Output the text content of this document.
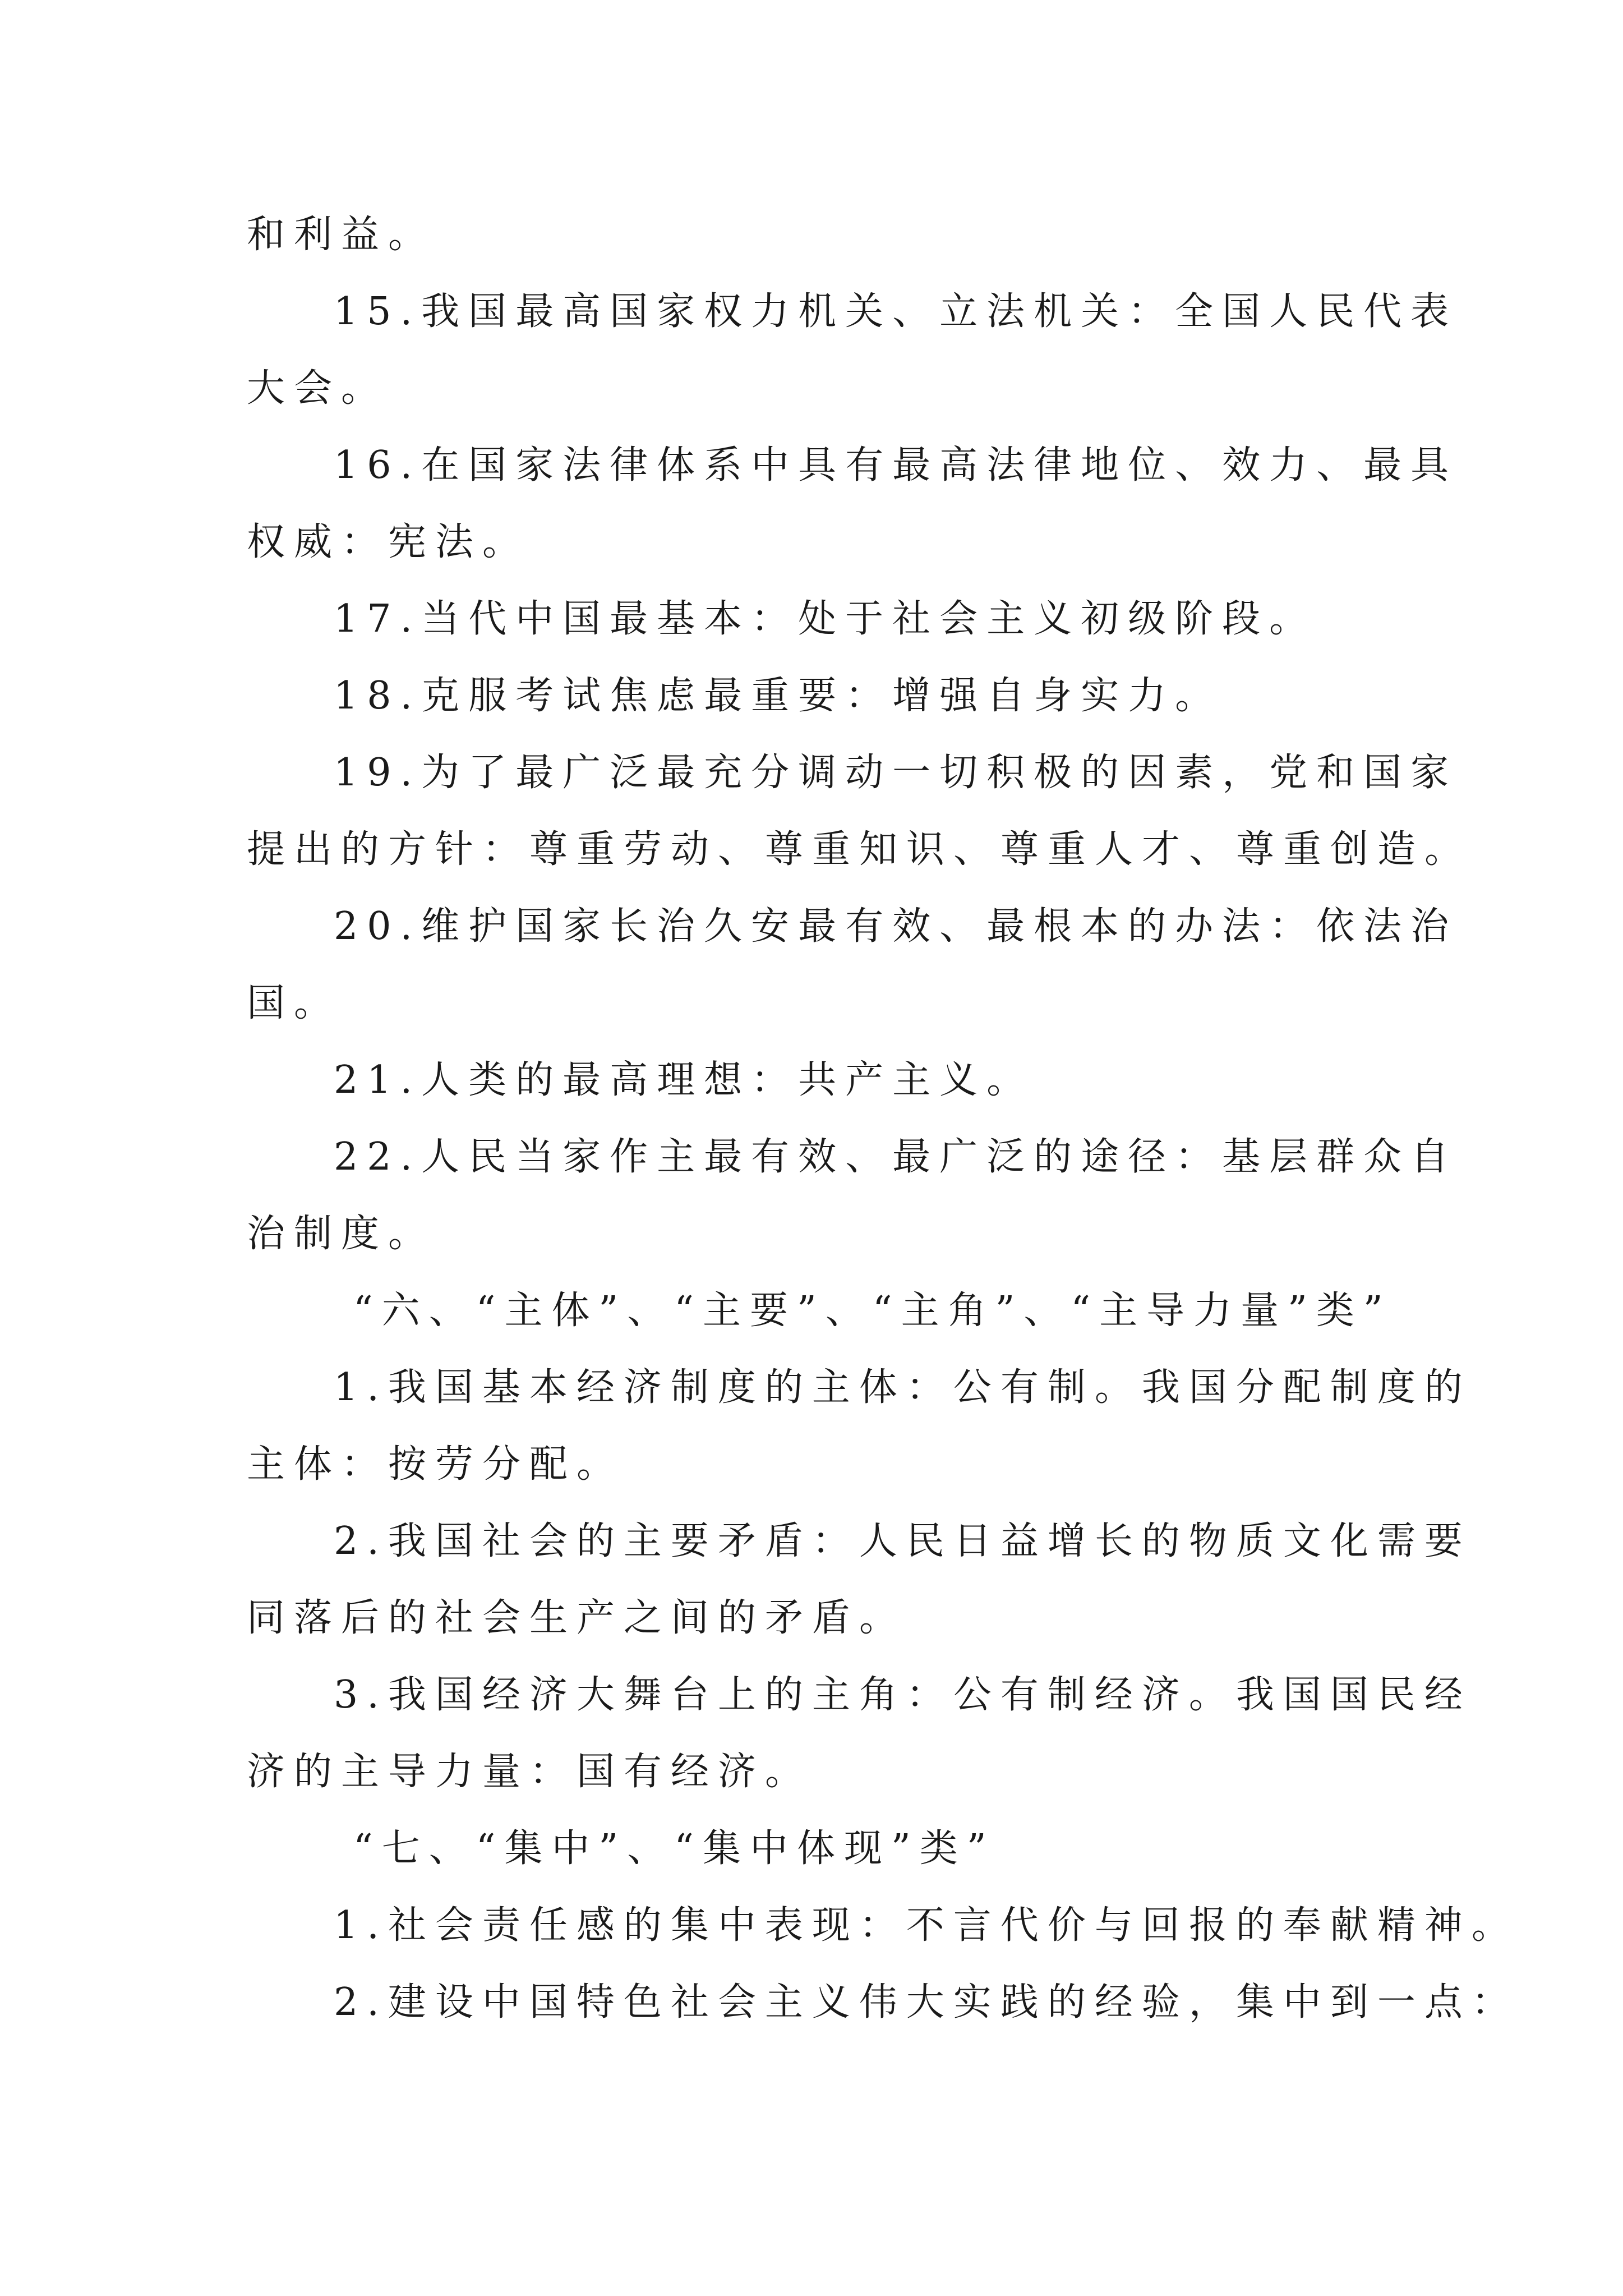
和利益。
15.我国最高国家权力机关、立法机关：全国人民代表
大会。
16.在国家法律体系中具有最高法律地位、效力、最具
权威：宪法。
17.当代中国最基本：处于社会主义初级阶段。
18.克服考试焦虑最重要：增强自身实力。
19.为了最广泛最充分调动一切积极的因素，党和国家
提出的方针：尊重劳动、尊重知识、尊重人才、尊重创造。
20.维护国家长治久安最有效、最根本的办法：依法治
国。
21.人类的最高理想：共产主义。
22.人民当家作主最有效、最广泛的途径：基层群众自
治制度。
“六、“主体”、“主要”、“主角”、“主导力量”类”
1.我国基本经济制度的主体：公有制。我国分配制度的
主体：按劳分配。
2.我国社会的主要矛盾：人民日益增长的物质文化需要
同落后的社会生产之间的矛盾。
3.我国经济大舞台上的主角：公有制经济。我国国民经
济的主导力量：国有经济。
“七、“集中”、“集中体现”类”
1.社会责任感的集中表现：不言代价与回报的奉献精神。
2.建设中国特色社会主义伟大实践的经验，集中到一点：
